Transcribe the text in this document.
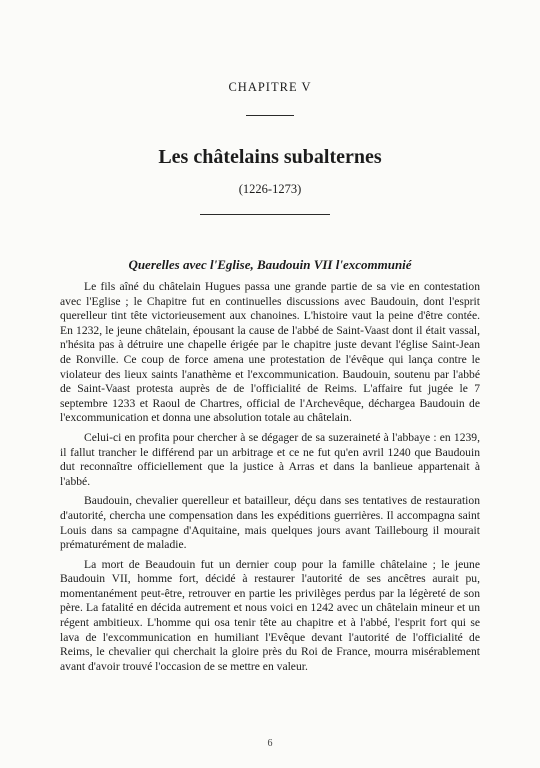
CHAPITRE V
Les châtelains subalternes
(1226-1273)
Querelles avec l'Eglise, Baudouin VII l'excommunié

Le fils aîné du châtelain Hugues passa une grande partie de sa vie en contestation avec l'Eglise ; le Chapitre fut en continuelles discussions avec Baudouin, dont l'esprit querelleur tint tête victorieusement aux chanoines. L'histoire vaut la peine d'être contée. En 1232, le jeune châtelain, épousant la cause de l'abbé de Saint-Vaast dont il était vassal, n'hésita pas à détruire une chapelle érigée par le chapitre juste devant l'église Saint-Jean de Ronville. Ce coup de force amena une protestation de l'évêque qui lança contre le violateur des lieux saints l'anathème et l'excommunication. Baudouin, soutenu par l'abbé de Saint-Vaast protesta auprès de de l'officialité de Reims. L'affaire fut jugée le 7 septembre 1233 et Raoul de Chartres, official de l'Archevêque, déchargea Baudouin de l'excommunication et donna une absolution totale au châtelain.

Celui-ci en profita pour chercher à se dégager de sa suzeraineté à l'abbaye : en 1239, il fallut trancher le différend par un arbitrage et ce ne fut qu'en avril 1240 que Baudouin dut reconnaître officiellement que la justice à Arras et dans la banlieue appartenait à l'abbé.

Baudouin, chevalier querelleur et batailleur, déçu dans ses tentatives de restauration d'autorité, chercha une compensation dans les expéditions guerrières. Il accompagna saint Louis dans sa campagne d'Aquitaine, mais quelques jours avant Taillebourg il mourait prématurément de maladie.

La mort de Beaudouin fut un dernier coup pour la famille châtelaine ; le jeune Baudouin VII, homme fort, décidé à restaurer l'autorité de ses ancêtres aurait pu, momentanément peut-être, retrouver en partie les privilèges perdus par la légèreté de son père. La fatalité en décida autrement et nous voici en 1242 avec un châtelain mineur et un régent ambitieux. L'homme qui osa tenir tête au chapitre et à l'abbé, l'esprit fort qui se lava de l'excommunication en humiliant l'Evêque devant l'autorité de l'officialité de Reims, le chevalier qui cherchait la gloire près du Roi de France, mourra misérablement avant d'avoir trouvé l'occasion de se mettre en valeur.

6
